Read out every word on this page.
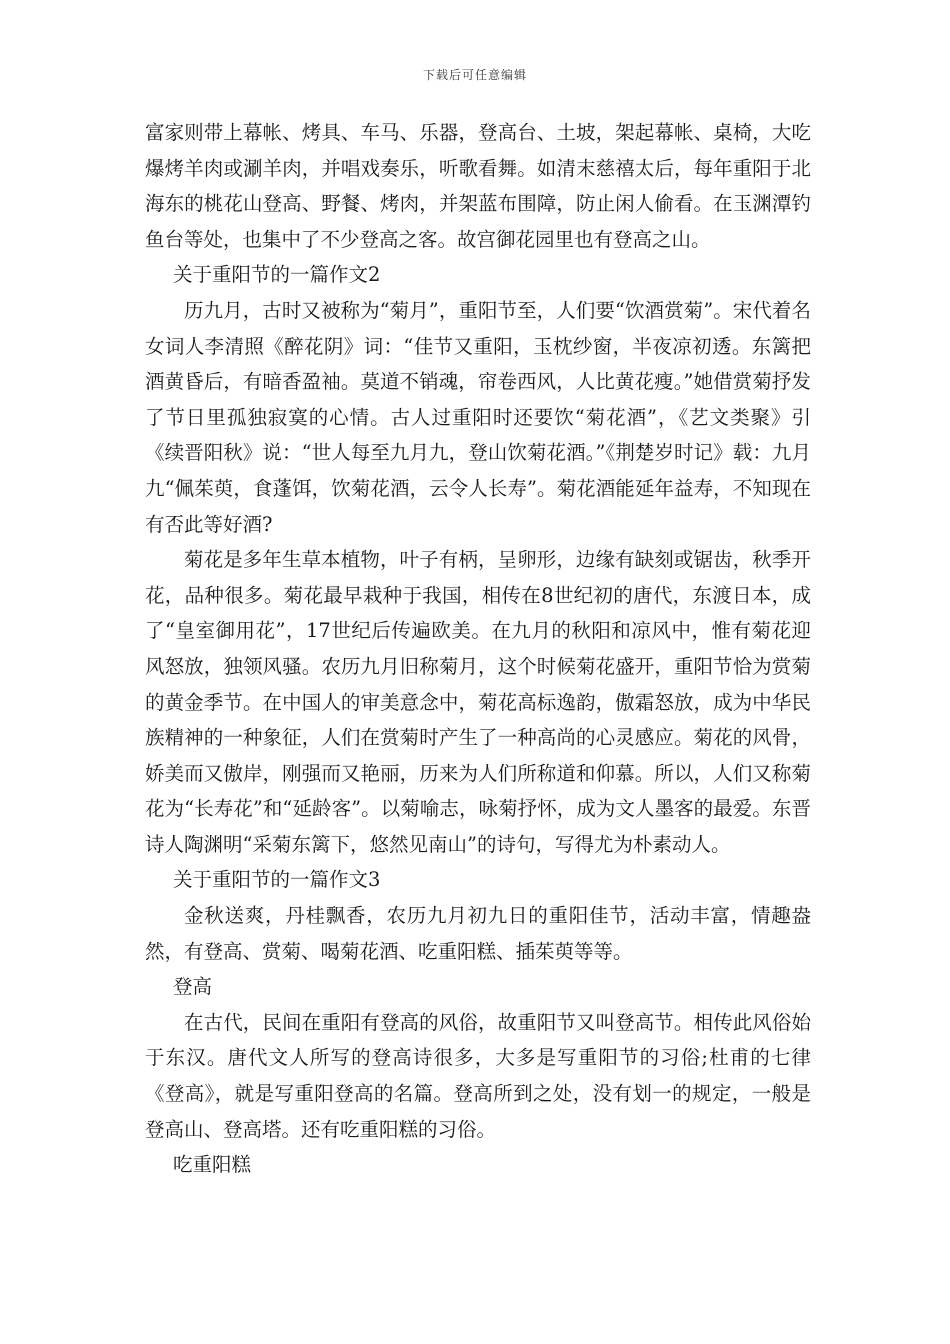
下载后可任意编辑

富家则带上幕帐、烤具、车马、乐器，登高台、土坡，架起幕帐、桌椅，大吃爆烤羊肉或涮羊肉，并唱戏奏乐，听歌看舞。如清末慈禧太后，每年重阳于北海东的桃花山登高、野餐、烤肉，并架蓝布围障，防止闲人偷看。在玉渊潭钓鱼台等处，也集中了不少登高之客。故宫御花园里也有登高之山。

关于重阳节的一篇作文2

历九月，古时又被称为“菊月”，重阳节至，人们要“饮酒赏菊”。宋代着名女词人李清照《醉花阴》词：“佳节又重阳，玉枕纱窗，半夜凉初透。东篱把酒黄昏后，有暗香盈袖。莫道不销魂，帘卷西风，人比黄花瘦。”她借赏菊抒发了节日里孤独寂寞的心情。古人过重阳时还要饮“菊花酒”，《艺文类聚》引《续晋阳秋》说：“世人每至九月九，登山饮菊花酒。”《荆楚岁时记》载：九月九“佩茱萸，食蓬饵，饮菊花酒，云令人长寿”。菊花酒能延年益寿，不知现在有否此等好酒?

菊花是多年生草本植物，叶子有柄，呈卵形，边缘有缺刻或锯齿，秋季开花，品种很多。菊花最早栽种于我国，相传在8世纪初的唐代，东渡日本，成了“皇室御用花”，17世纪后传遍欧美。在九月的秋阳和凉风中，惟有菊花迎风怒放，独领风骚。农历九月旧称菊月，这个时候菊花盛开，重阳节恰为赏菊的黄金季节。在中国人的审美意念中，菊花高标逸韵，傲霜怒放，成为中华民族精神的一种象征，人们在赏菊时产生了一种高尚的心灵感应。菊花的风骨，娇美而又傲岸，刚强而又艳丽，历来为人们所称道和仰慕。所以，人们又称菊花为“长寿花”和“延龄客”。以菊喻志，咏菊抒怀，成为文人墨客的最爱。东晋诗人陶渊明“采菊东篱下，悠然见南山”的诗句，写得尤为朴素动人。

关于重阳节的一篇作文3

金秋送爽，丹桂飘香，农历九月初九日的重阳佳节，活动丰富，情趣盎然，有登高、赏菊、喝菊花酒、吃重阳糕、插茱萸等等。

登高

在古代，民间在重阳有登高的风俗，故重阳节又叫登高节。相传此风俗始于东汉。唐代文人所写的登高诗很多，大多是写重阳节的习俗;杜甫的七律《登高》，就是写重阳登高的名篇。登高所到之处，没有划一的规定，一般是登高山、登高塔。还有吃重阳糕的习俗。

吃重阳糕
